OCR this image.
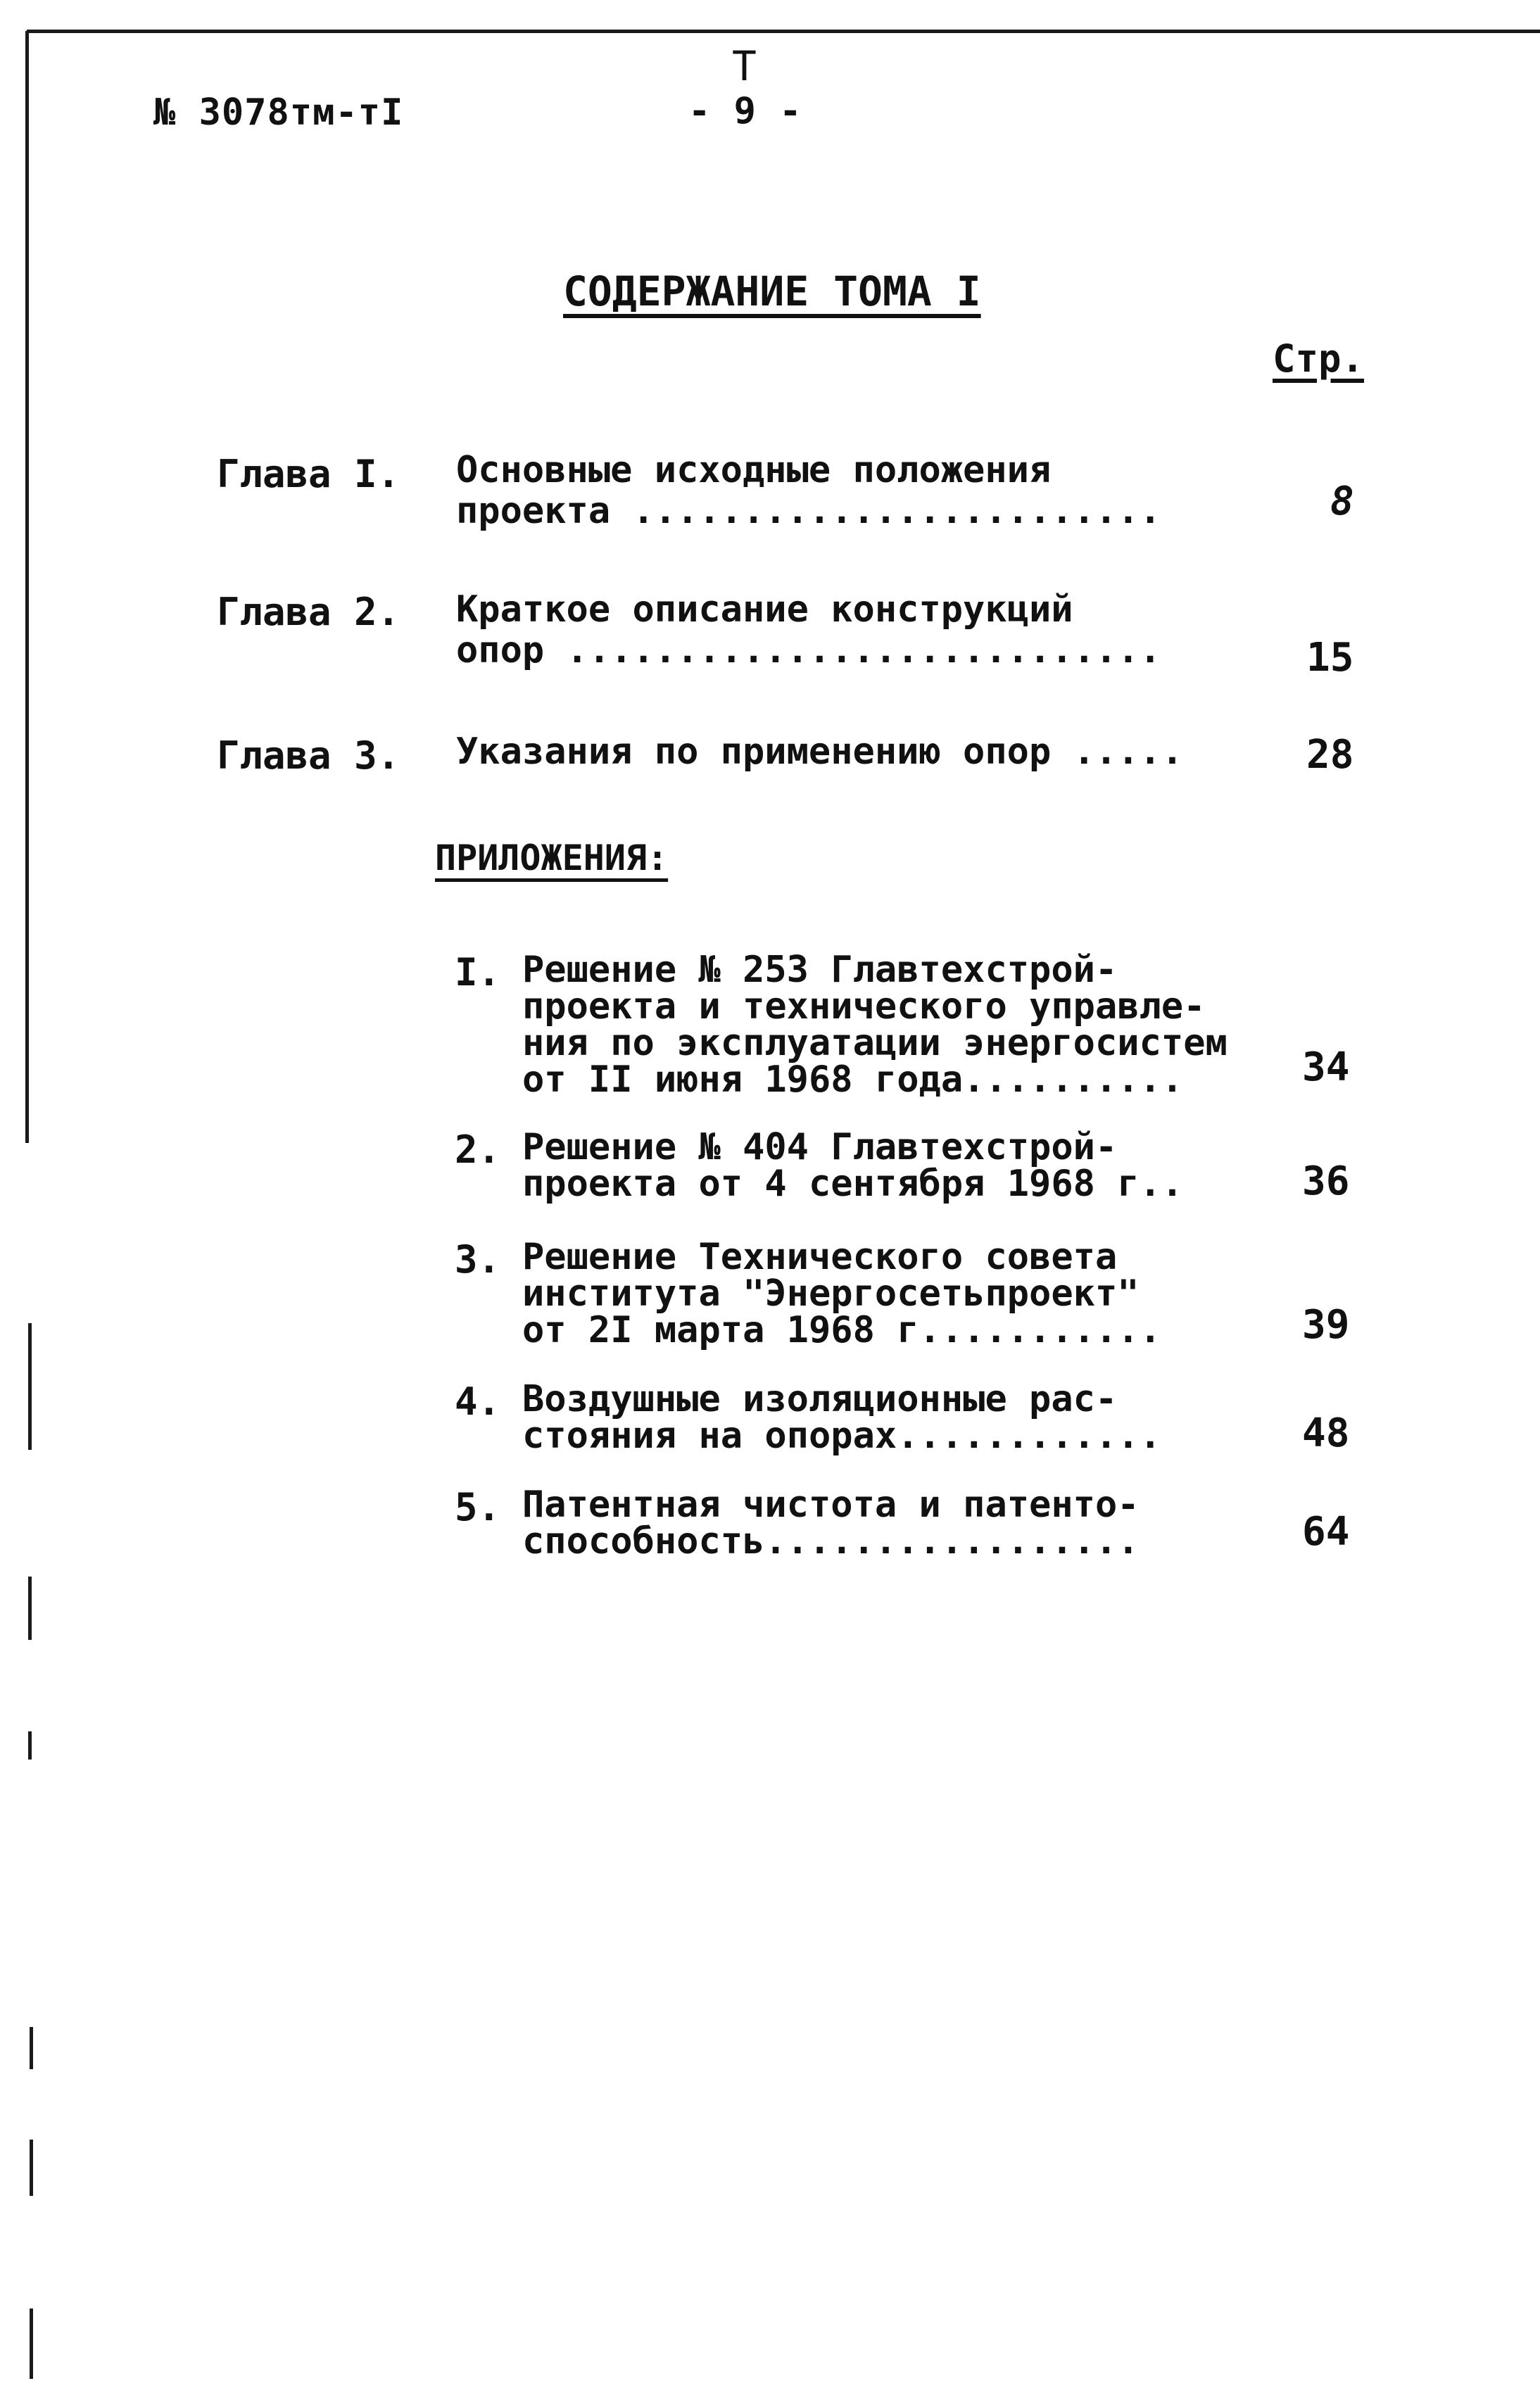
№ 3078тм-тI
T
- 9 -
СОДЕРЖАНИЕ ТОМА I
Стр.
Глава I. Основные исходные положения
проекта ........................	8
Глава 2. Краткое описание конструкций
опор ...........................	15
Глава 3. Указания по применению опор .....	28
ПРИЛОЖЕНИЯ:
I. Решение № 253 Главтехстрой-
проекта и технического управле-
ния по эксплуатации энергосистем
от II июня 1968 года..........	34
2. Решение № 404 Главтехстрой-
проекта от 4 сентября 1968 г..	36
3. Решение Технического совета
института "Энергосетьпроект"
от 2I марта 1968 г...........	39
4. Воздушные изоляционные рас-
стояния на опорах............	48
5. Патентная чистота и патенто-
способность.................	64
